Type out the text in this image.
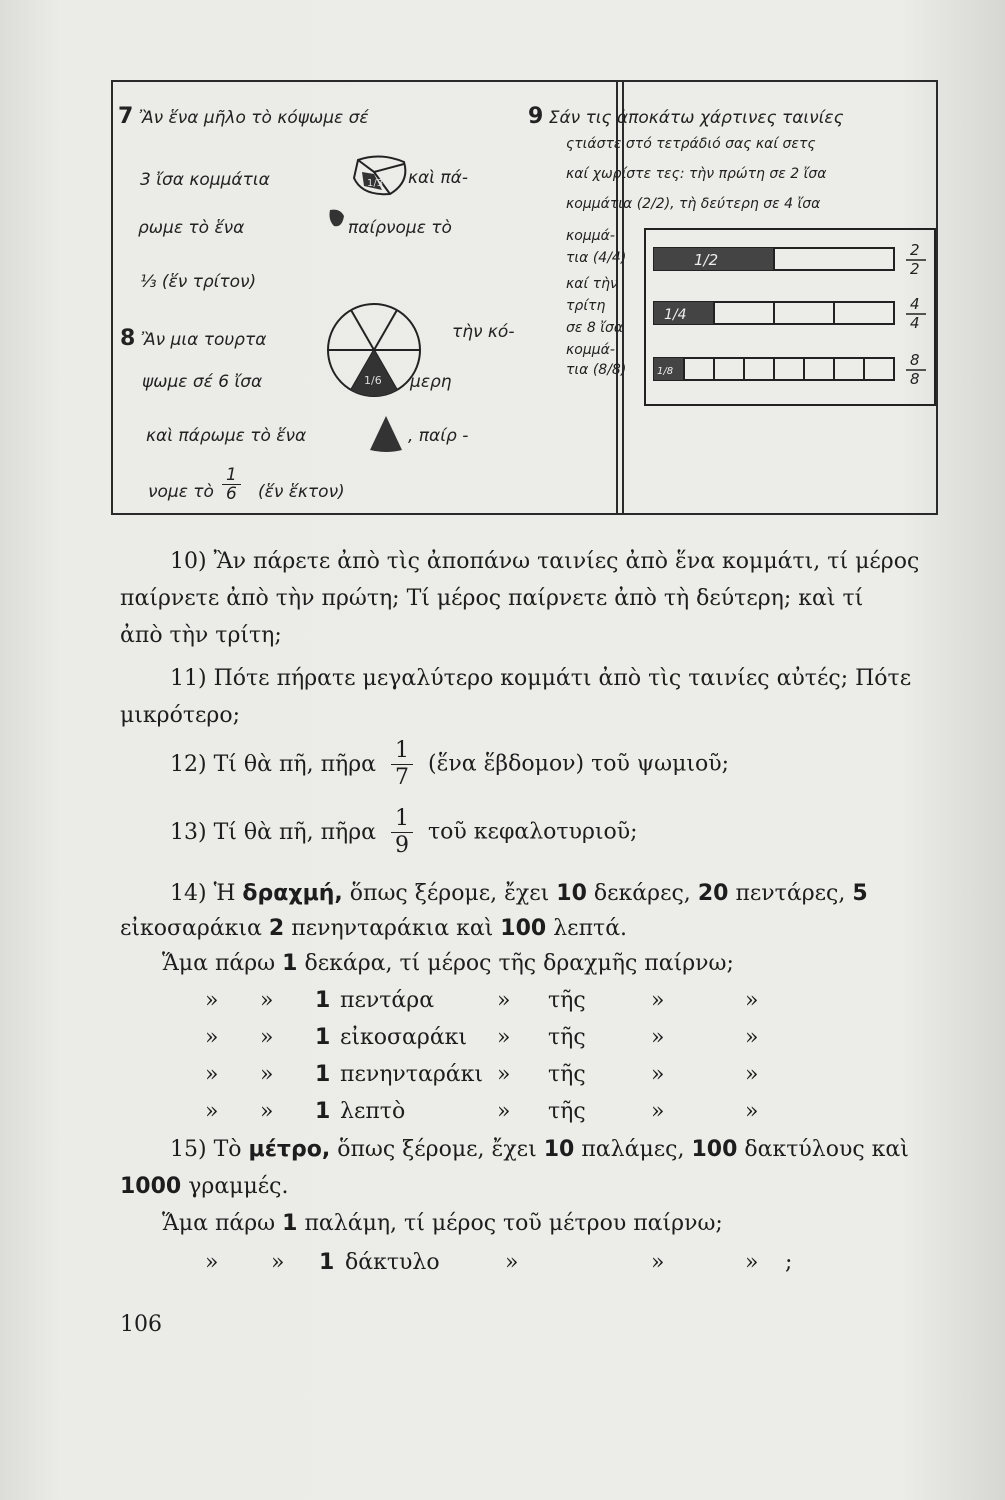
7 Ἂν ἕνα μῆλο τὸ κόψωμε σέ
3 ἴσα κομμάτια	καὶ πά-
ρωμε τὸ ἕνα	παίρνομε τὸ
⅓ (ἕν τρίτον)
1/3
8 Ἂν μια τουρτα	τὴν κό-
ψωμε σέ 6 ἴσα	μερη
καὶ πάρωμε τὸ ἕνα	, παίρ -
νομε τὸ $\frac{1}{6}$ (ἕν ἕκτον)
1/6
9 Σάν τις ἀποκάτω χάρτινες ταινίες
ςτιάστε στό τετράδιό σας καί σετς
καί χωρίστε τες: τὴν πρώτη σε 2 ἴσα
κομμάτια (2/2), τὴ δεύτερη σε 4 ἴσα
κομμά-
τια (4/4)
καί τὴν
τρίτη
σε 8 ἴσα
κομμά-
τια (8/8)
1/2
1/4
1/8
2
2
4
4
8
8
10) Ἂν πάρετε ἀπὸ τὶς ἀποπάνω ταινίες ἀπὸ ἕνα κομμάτι, τί μέρος
παίρνετε ἀπὸ τὴν πρώτη; Τί μέρος παίρνετε ἀπὸ τὴ δεύτερη; καὶ τί
ἀπὸ τὴν τρίτη;
11) Πότε πήρατε μεγαλύτερο κομμάτι ἀπὸ τὶς ταινίες αὐτές; Πότε
μικρότερο;
12) Τί θὰ πῆ, πῆρα $\frac{1}{7}$ (ἕνα ἕβδομον) τοῦ ψωμιοῦ;
13) Τί θὰ πῆ, πῆρα $\frac{1}{9}$ τοῦ κεφαλοτυριοῦ;
14) Ἡ δραχμή, ὅπως ξέρομε, ἔχει 10 δεκάρες, 20 πεντάρες, 5
εἰκοσαράκια 2 πενηνταράκια καὶ 100 λεπτά.
Ἅμα πάρω 1 δεκάρα, τί μέρος τῆς δραχμῆς παίρνω;
» » 1 πεντάρα	» τῆς	»	»
» » 1 εἰκοσαράκι » τῆς	»	»
» » 1 πενηνταράκι » τῆς	»	»
» » 1 λεπτὸ	» τῆς	»	»
15) Τὸ μέτρο, ὅπως ξέρομε, ἔχει 10 παλάμες, 100 δακτύλους καὶ
1000 γραμμές.
Ἅμα πάρω 1 παλάμη, τί μέρος τοῦ μέτρου παίρνω;
» » 1 δάκτυλο	»	»	» ;
106
